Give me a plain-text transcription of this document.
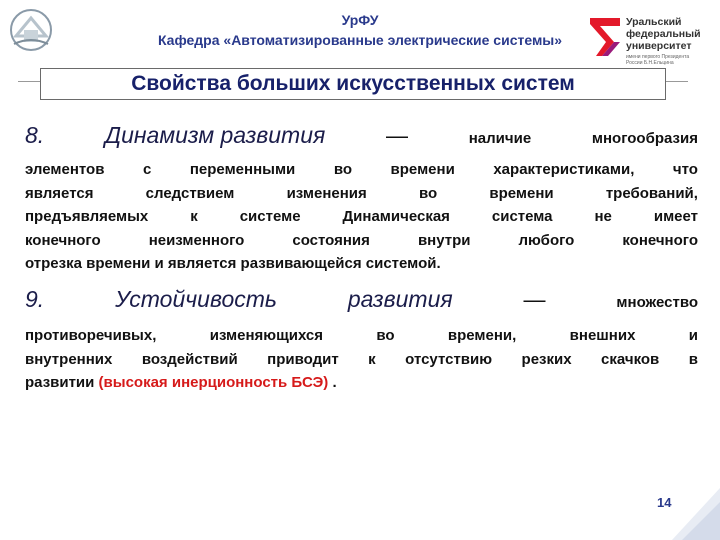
УрФУ
Кафедра «Автоматизированные электрические системы»
Уральский
федеральный
университет
имени первого Президента России Б.Н.Ельцина
Свойства больших искусственных систем
8.	Динамизм развития	—	наличие	многообразия
элементов	с	переменными	во	времени	характеристиками,	что
является	следствием	изменения	во	времени	требований,
предъявляемых	к	системе	Динамическая	система	не	имеет
конечного	неизменного	состояния	внутри	любого	конечного
отрезка времени и является развивающейся системой.
9.	Устойчивость	развития	—	множество
противоречивых,	изменяющихся	во	времени,	внешних	и
внутренних воздействий приводит к отсутствию резких скачков в
развитии (высокая инерционность БСЭ) .
14
